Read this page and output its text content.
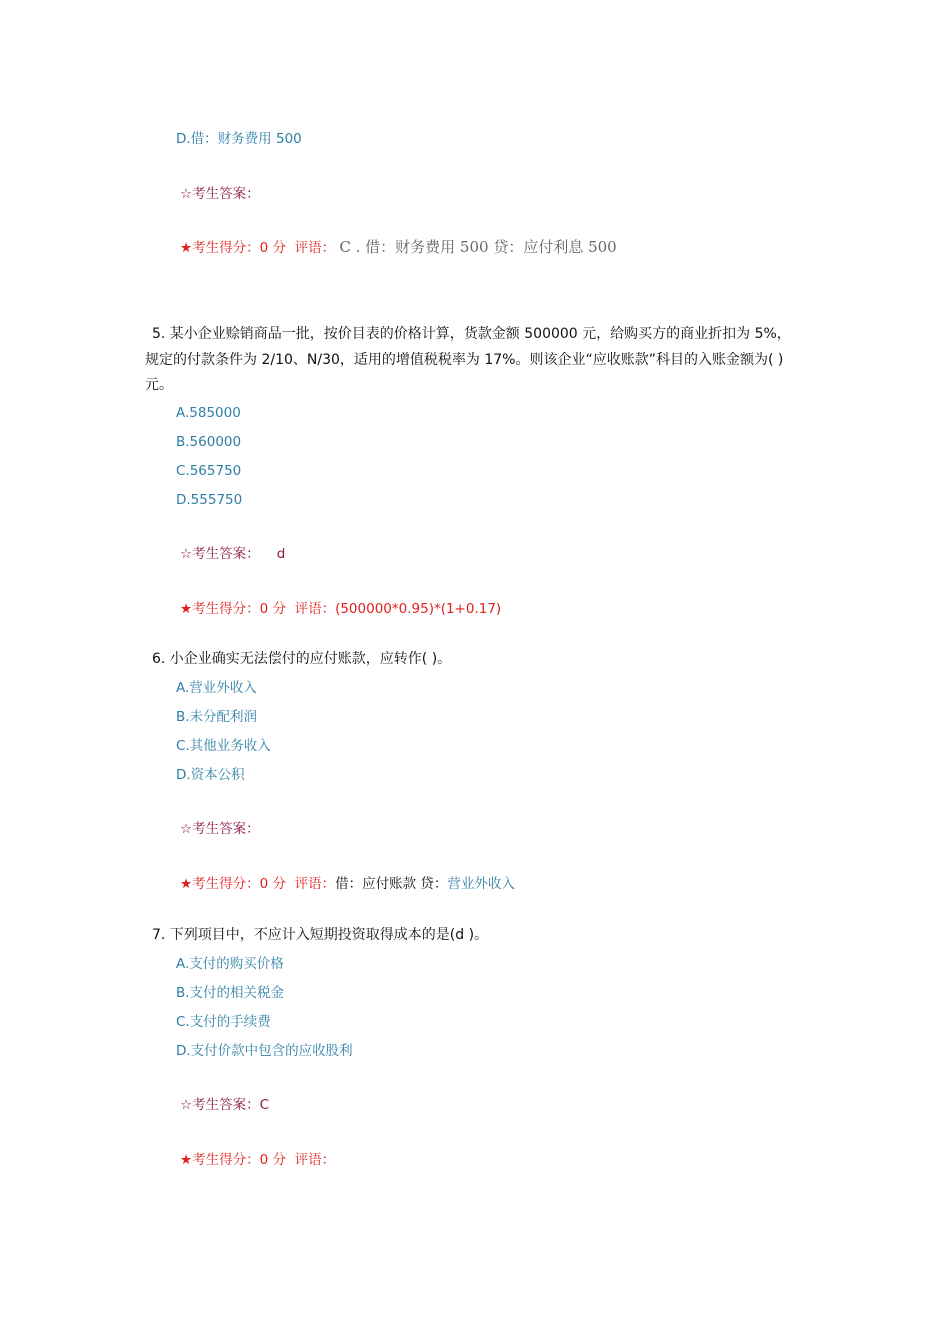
D.借：财务费用 500
☆考生答案：
★考生得分：0 分 评语： C . 借：财务费用 500 贷：应付利息 500
5. 某小企业赊销商品一批，按价目表的价格计算，货款金额 500000 元，给购买方的商业折扣为 5%，
规定的付款条件为 2/10、N/30，适用的增值税税率为 17%。则该企业“应收账款”科目的入账金额为( )
元。
A.585000
B.560000
C.565750
D.555750
☆考生答案： d
★考生得分：0 分 评语：(500000*0.95)*(1+0.17)
6. 小企业确实无法偿付的应付账款，应转作( )。
A.营业外收入
B.未分配利润
C.其他业务收入
D.资本公积
☆考生答案：
★考生得分：0 分 评语：借：应付账款 贷：营业外收入
7. 下列项目中，不应计入短期投资取得成本的是(d )。
A.支付的购买价格
B.支付的相关税金
C.支付的手续费
D.支付价款中包含的应收股利
☆考生答案：C
★考生得分：0 分 评语：
